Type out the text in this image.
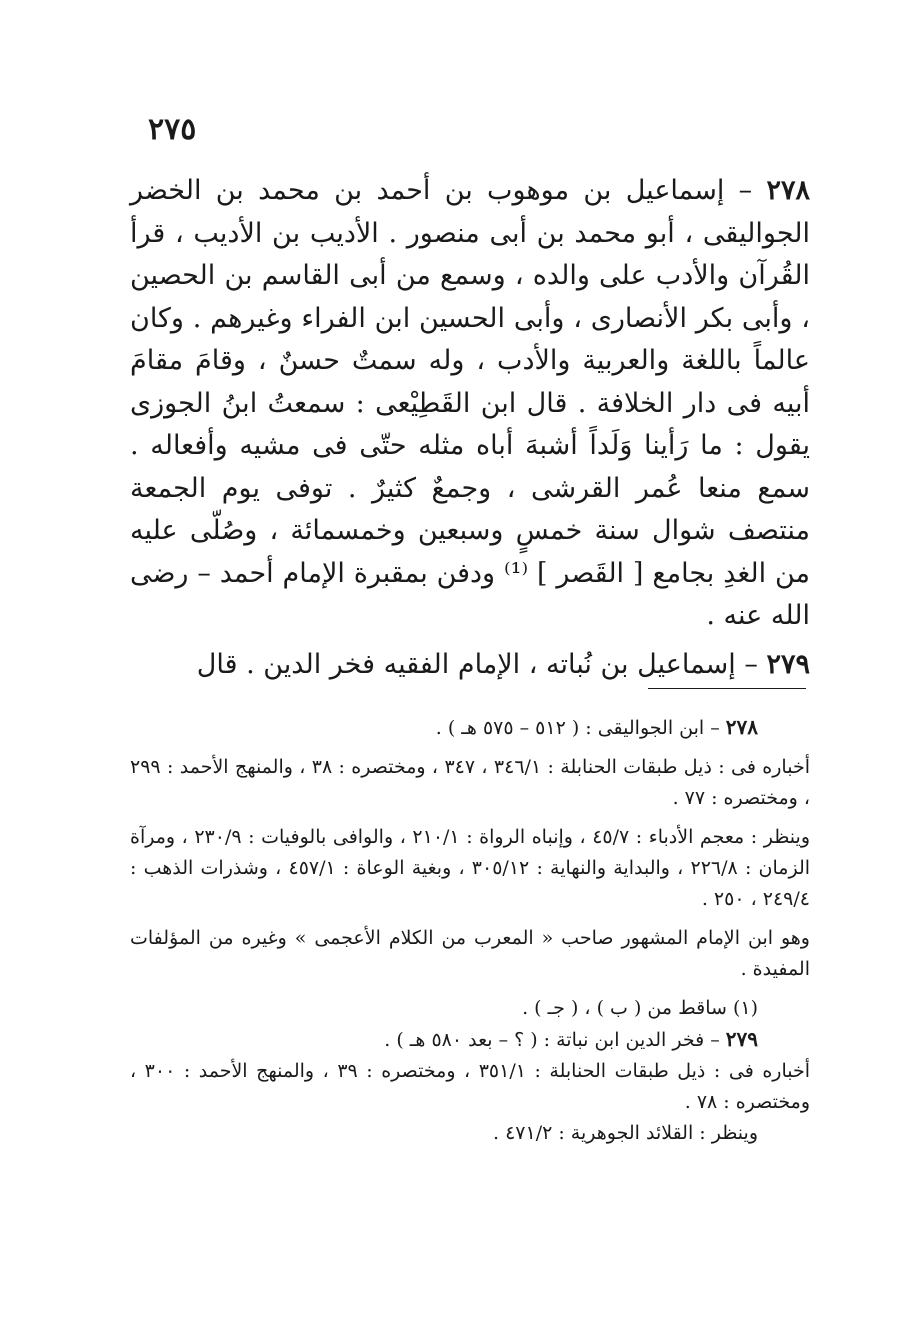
٢٧٥

٢٧٨ – إسماعيل بن موهوب بن أحمد بن محمد بن الخضر الجواليقى ، أبو محمد بن أبى منصور . الأديب بن الأديب ، قرأ القُرآن والأدب على والده ، وسمع من أبى القاسم بن الحصين ، وأبى بكر الأنصارى ، وأبى الحسين ابن الفراء وغيرهم . وكان عالماً باللغة والعربية والأدب ، وله سمتٌ حسنٌ ، وقامَ مقامَ أبيه فى دار الخلافة . قال ابن القَطِيْعى : سمعتُ ابنُ الجوزى يقول : ما رَأينا وَلَداً أشبهَ أباه مثله حتّى فى مشيه وأفعاله . سمع منعا عُمر القرشى ، وجمعٌ كثيرٌ . توفى يوم الجمعة منتصف شوال سنة خمسٍ وسبعين وخمسمائة ، وصُلّى عليه من الغدِ بجامع [ القَصر ] ⁽¹⁾ ودفن بمقبرة الإمام أحمد – رضى الله عنه .

٢٧٩ – إسماعيل بن نُباته ، الإمام الفقيه فخر الدين . قال

٢٧٨ – ابن الجواليقى : ( ٥١٢ – ٥٧٥ هـ ) .

أخباره فى : ذيل طبقات الحنابلة : ٣٤٦/١ ، ٣٤٧ ، ومختصره : ٣٨ ، والمنهج الأحمد : ٢٩٩ ، ومختصره : ٧٧ .

وينظر : معجم الأدباء : ٤٥/٧ ، وإنباه الرواة : ٢١٠/١ ، والوافى بالوفيات : ٢٣٠/٩ ، ومرآة الزمان : ٢٢٦/٨ ، والبداية والنهاية : ٣٠٥/١٢ ، وبغية الوعاة : ٤٥٧/١ ، وشذرات الذهب : ٢٤٩/٤ ، ٢٥٠ .

وهو ابن الإمام المشهور صاحب « المعرب من الكلام الأعجمى » وغيره من المؤلفات المفيدة .

(١) ساقط من ( ب ) ، ( جـ ) .

٢٧٩ – فخر الدين ابن نباتة : ( ؟ – بعد ٥٨٠ هـ ) .

أخباره فى : ذيل طبقات الحنابلة : ٣٥١/١ ، ومختصره : ٣٩ ، والمنهج الأحمد : ٣٠٠ ، ومختصره : ٧٨ .

وينظر : القلائد الجوهرية : ٤٧١/٢ .
